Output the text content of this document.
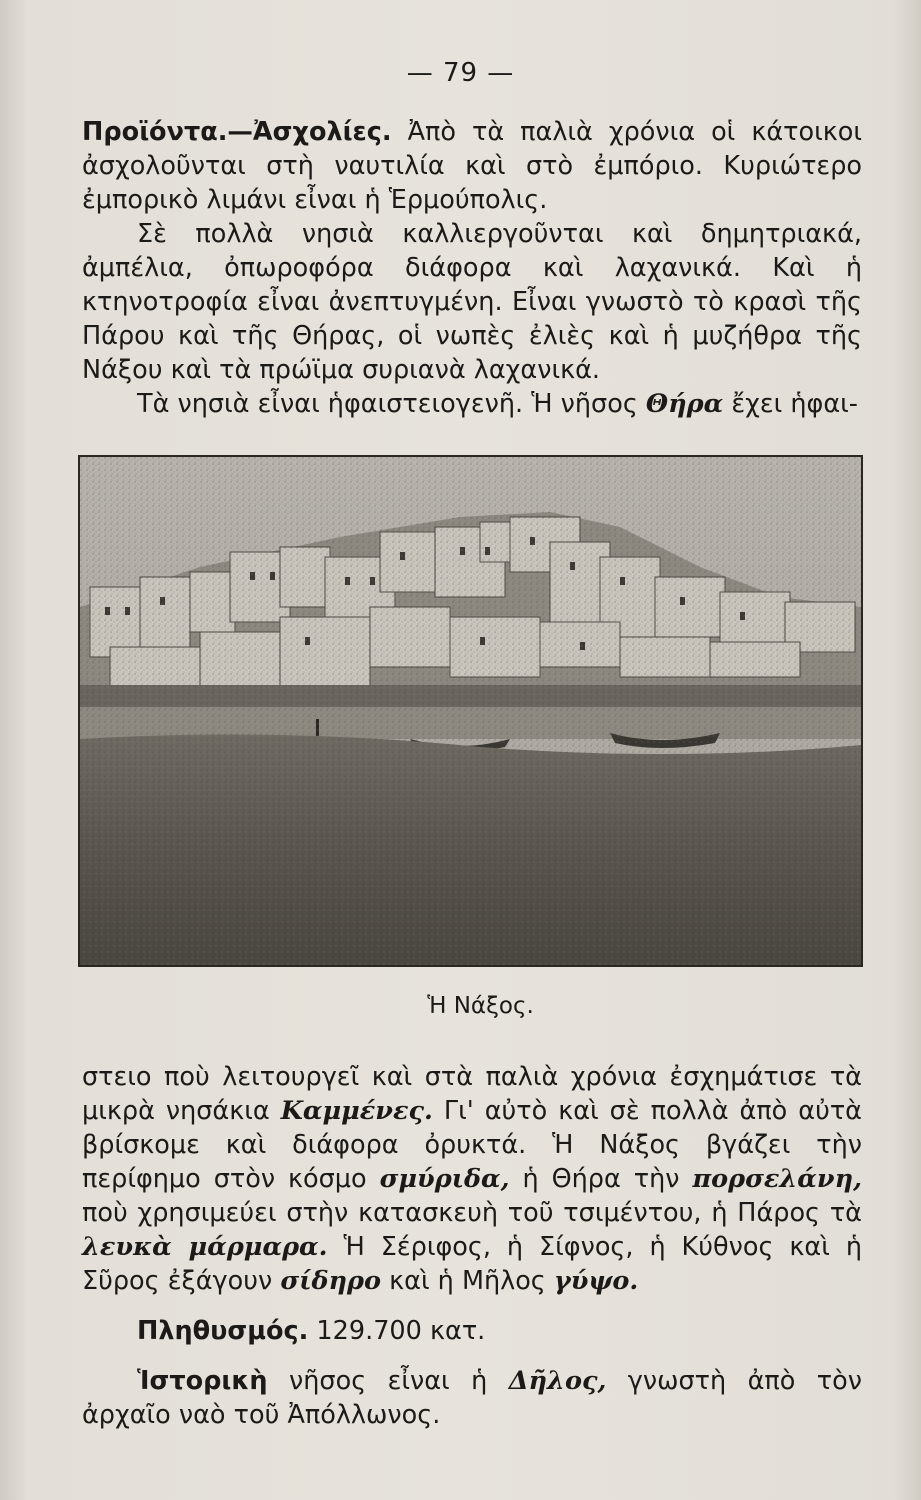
— 79 —

Προϊόντα.—Ἀσχολίες. Ἀπὸ τὰ παλιὰ χρόνια οἱ κάτοικοι ἀσχολοῦνται στὴ ναυτιλία καὶ στὸ ἐμπόριο. Κυριώτερο ἐμπορικὸ λιμάνι εἶναι ἡ Ἑρμούπολις.

Σὲ πολλὰ νησιὰ καλλιεργοῦνται καὶ δημητριακά, ἀμπέλια, ὀπωροφόρα διάφορα καὶ λαχανικά. Καὶ ἡ κτηνοτροφία εἶναι ἀνεπτυγμένη. Εἶναι γνωστὸ τὸ κρασὶ τῆς Πάρου καὶ τῆς Θήρας, οἱ νωπὲς ἐλιὲς καὶ ἡ μυζήθρα τῆς Νάξου καὶ τὰ πρώϊμα συριανὰ λαχανικά.

Τὰ νησιὰ εἶναι ἡφαιστειογενῆ. Ἡ νῆσος Θήρα ἔχει ἡφαι-

Ἡ Νάξος.

στειο ποὺ λειτουργεῖ καὶ στὰ παλιὰ χρόνια ἐσχημάτισε τὰ μικρὰ νησάκια Καμμένες. Γι' αὐτὸ καὶ σὲ πολλὰ ἀπὸ αὐτὰ βρίσκομε καὶ διάφορα ὀρυκτά. Ἡ Νάξος βγάζει τὴν περίφημο στὸν κόσμο σμύριδα, ἡ Θήρα τὴν πορσελάνη, ποὺ χρησιμεύει στὴν κατασκευὴ τοῦ τσιμέντου, ἡ Πάρος τὰ λευκὰ μάρμαρα. Ἡ Σέριφος, ἡ Σίφνος, ἡ Κύθνος καὶ ἡ Σῦρος ἐξάγουν σίδηρο καὶ ἡ Μῆλος γύψο.

Πληθυσμός. 129.700 κατ.

Ἱστορικὴ νῆσος εἶναι ἡ Δῆλος, γνωστὴ ἀπὸ τὸν ἀρχαῖο ναὸ τοῦ Ἀπόλλωνος.
